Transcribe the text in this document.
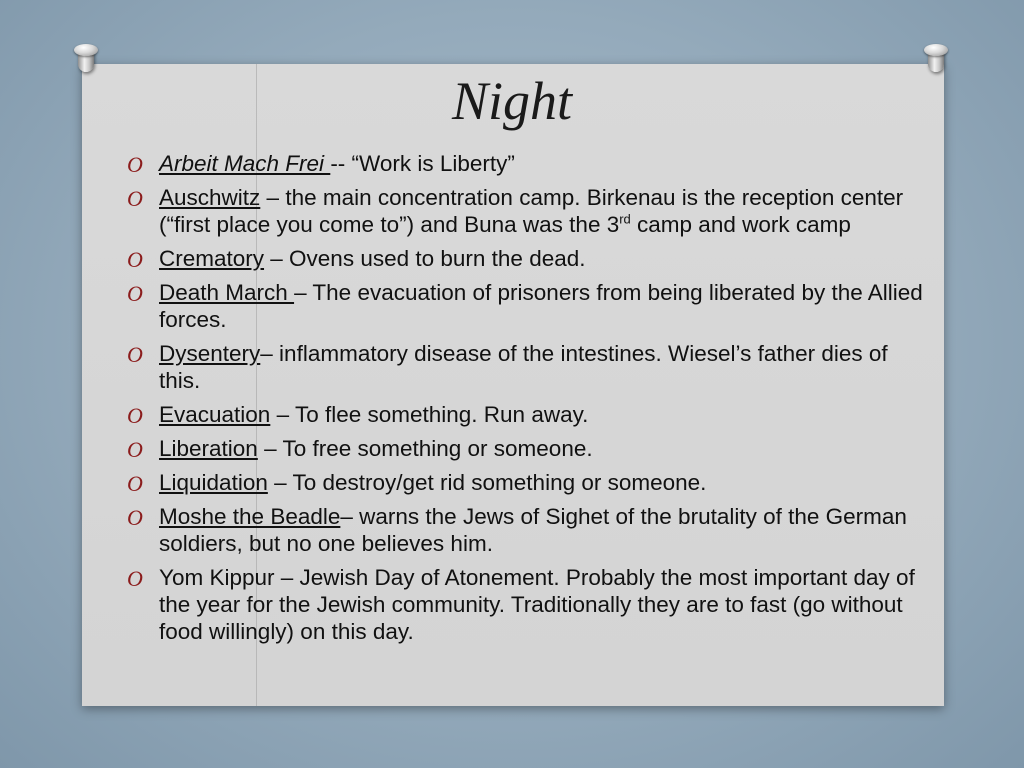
Night
O Arbeit Mach Frei -- “Work is Liberty”
O Auschwitz – the main concentration camp. Birkenau is the reception center (“first place you come to”) and Buna was the 3rd camp and work camp
O Crematory – Ovens used to burn the dead.
O Death March – The evacuation of prisoners from being liberated by the Allied forces.
O Dysentery– inflammatory disease of the intestines. Wiesel’s father dies of this.
O Evacuation – To flee something. Run away.
O Liberation – To free something or someone.
O Liquidation – To destroy/get rid something or someone.
O Moshe the Beadle– warns the Jews of Sighet of the brutality of the German soldiers, but no one believes him.
O Yom Kippur – Jewish Day of Atonement. Probably the most important day of the year for the Jewish community. Traditionally they are to fast (go without food willingly) on this day.
